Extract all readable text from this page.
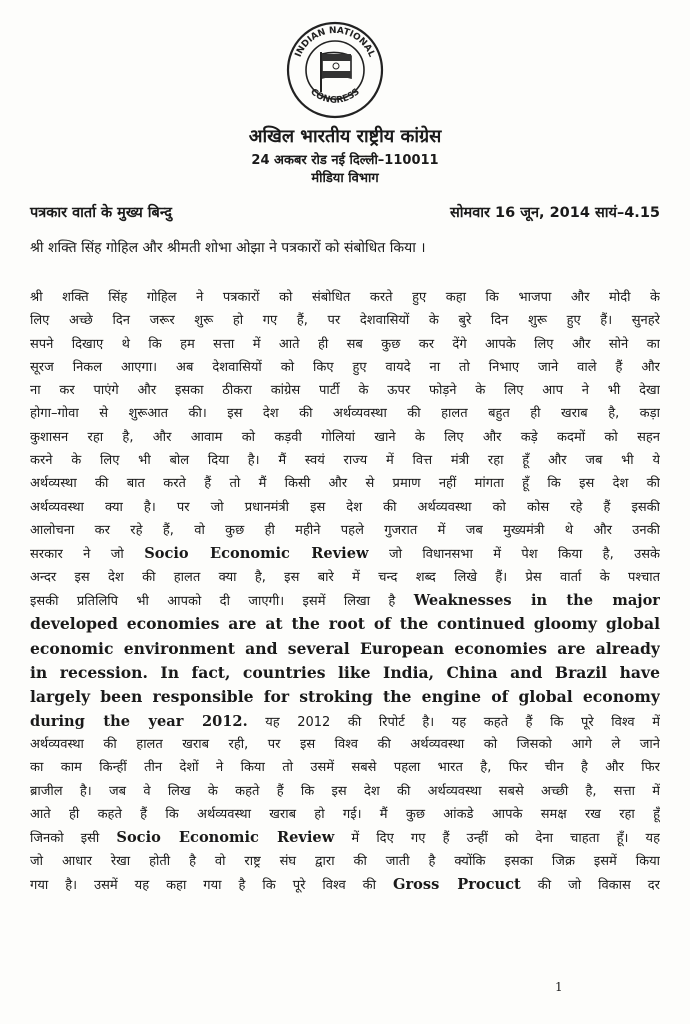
INDIAN NATIONAL
CONGRESS
अखिल भारतीय राष्ट्रीय कांग्रेस
24 अकबर रोड नई दिल्ली–110011
मीडिया विभाग
पत्रकार वार्ता के मुख्य बिन्दु	सोमवार 16 जून, 2014 सायं–4.15
श्री शक्ति सिंह गोहिल और श्रीमती शोभा ओझा ने पत्रकारों को संबोधित किया ।
श्री शक्ति सिंह गोहिल ने पत्रकारों को संबोधित करते हुए कहा कि भाजपा और मोदी के
लिए अच्छे दिन जरूर शुरू हो गए हैं, पर देशवासियों के बुरे दिन शुरू हुए हैं। सुनहरे
सपने दिखाए थे कि हम सत्ता में आते ही सब कुछ कर देंगे आपके लिए और सोने का
सूरज निकल आएगा। अब देशवासियों को किए हुए वायदे ना तो निभाए जाने वाले हैं और
ना कर पाएंगे और इसका ठीकरा कांग्रेस पार्टी के ऊपर फोड़ने के लिए आप ने भी देखा
होगा–गोवा से शुरूआत की। इस देश की अर्थव्यवस्था की हालत बहुत ही खराब है, कड़ा
कुशासन रहा है, और आवाम को कड़वी गोलियां खाने के लिए और कड़े कदमों को सहन
करने के लिए भी बोल दिया है। मैं स्वयं राज्य में वित्त मंत्री रहा हूँ और जब भी ये
अर्थव्यस्था की बात करते हैं तो मैं किसी और से प्रमाण नहीं मांगता हूँ कि इस देश की
अर्थव्यवस्था क्या है। पर जो प्रधानमंत्री इस देश की अर्थव्यवस्था को कोस रहे हैं इसकी
आलोचना कर रहे हैं, वो कुछ ही महीने पहले गुजरात में जब मुख्यमंत्री थे और उनकी
सरकार ने जो Socio Economic Review जो विधानसभा में पेश किया है, उसके
अन्दर इस देश की हालत क्या है, इस बारे में चन्द शब्द लिखे हैं। प्रेस वार्ता के पश्चात
इसकी प्रतिलिपि भी आपको दी जाएगी। इसमें लिखा है Weaknesses in the major
developed economies are at the root of the continued gloomy global
economic environment and several European economies are already
in recession. In fact, countries like India, China and Brazil have
largely been responsible for stroking the engine of global economy
during the year 2012. यह 2012 की रिपोर्ट है। यह कहते हैं कि पूरे विश्व में
अर्थव्यवस्था की हालत खराब रही, पर इस विश्व की अर्थव्यवस्था को जिसको आगे ले जाने
का काम किन्हीं तीन देशों ने किया तो उसमें सबसे पहला भारत है, फिर चीन है और फिर
ब्राजील है। जब वे लिख के कहते हैं कि इस देश की अर्थव्यवस्था सबसे अच्छी है, सत्ता में
आते ही कहते हैं कि अर्थव्यवस्था खराब हो गई। मैं कुछ आंकडे आपके समक्ष रख रहा हूँ
जिनको इसी Socio Economic Review में दिए गए हैं उन्हीं को देना चाहता हूँ। यह
जो आधार रेखा होती है वो राष्ट्र संघ द्वारा की जाती है क्योंकि इसका जिक्र इसमें किया
गया है। उसमें यह कहा गया है कि पूरे विश्व की Gross Procuct की जो विकास दर
1
